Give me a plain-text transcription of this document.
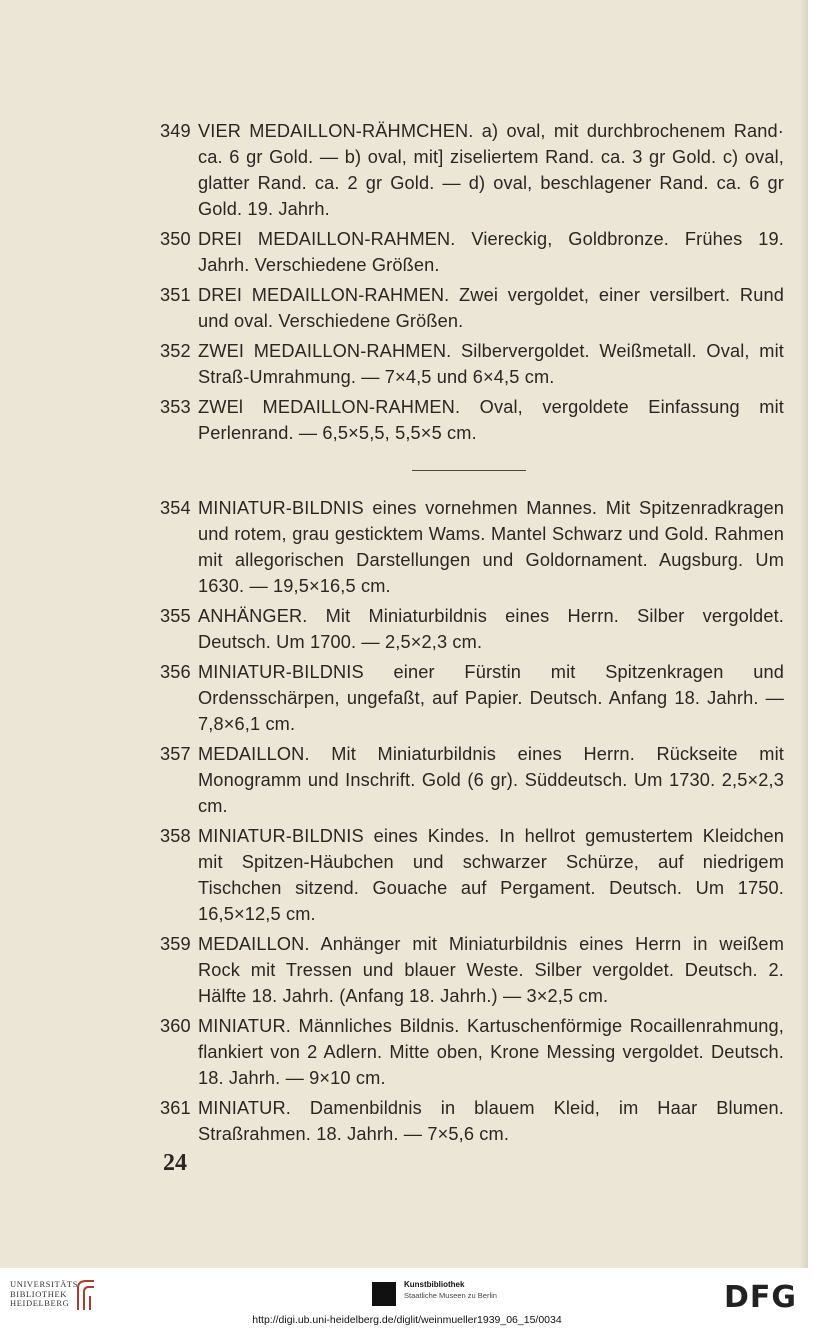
349 VIER MEDAILLON-RÄHMCHEN. a) oval, mit durchbrochenem Rand· ca. 6 gr Gold. — b) oval, mit] ziseliertem Rand. ca. 3 gr Gold. c) oval, glatter Rand. ca. 2 gr Gold. — d) oval, beschlagener Rand. ca. 6 gr Gold. 19. Jahrh.
350 DREI MEDAILLON-RAHMEN. Viereckig, Goldbronze. Frühes 19. Jahrh. Verschiedene Größen.
351 DREI MEDAILLON-RAHMEN. Zwei vergoldet, einer versilbert. Rund und oval. Verschiedene Größen.
352 ZWEI MEDAILLON-RAHMEN. Silbervergoldet. Weißmetall. Oval, mit Straß-Umrahmung. — 7×4,5 und 6×4,5 cm.
353 ZWEl MEDAILLON-RAHMEN. Oval, vergoldete Einfassung mit Perlenrand. — 6,5×5,5, 5,5×5 cm.
354 MINIATUR-BILDNIS eines vornehmen Mannes. Mit Spitzenradkragen und rotem, grau gesticktem Wams. Mantel Schwarz und Gold. Rahmen mit allegorischen Darstellungen und Goldornament. Augsburg. Um 1630. — 19,5×16,5 cm.
355 ANHÄNGER. Mit Miniaturbildnis eines Herrn. Silber vergoldet. Deutsch. Um 1700. — 2,5×2,3 cm.
356 MINIATUR-BILDNIS einer Fürstin mit Spitzenkragen und Ordensschärpen, ungefaßt, auf Papier. Deutsch. Anfang 18. Jahrh. — 7,8×6,1 cm.
357 MEDAILLON. Mit Miniaturbildnis eines Herrn. Rückseite mit Monogramm und Inschrift. Gold (6 gr). Süddeutsch. Um 1730. 2,5×2,3 cm.
358 MINIATUR-BILDNIS eines Kindes. In hellrot gemustertem Kleidchen mit Spitzen-Häubchen und schwarzer Schürze, auf niedrigem Tischchen sitzend. Gouache auf Pergament. Deutsch. Um 1750. 16,5×12,5 cm.
359 MEDAILLON. Anhänger mit Miniaturbildnis eines Herrn in weißem Rock mit Tressen und blauer Weste. Silber vergoldet. Deutsch. 2. Hälfte 18. Jahrh. (Anfang 18. Jahrh.) — 3×2,5 cm.
360 MINIATUR. Männliches Bildnis. Kartuschenförmige Rocaillenrahmung, flankiert von 2 Adlern. Mitte oben, Krone Messing vergoldet. Deutsch. 18. Jahrh. — 9×10 cm.
361 MINIATUR. Damenbildnis in blauem Kleid, im Haar Blumen. Straßrahmen. 18. Jahrh. — 7×5,6 cm.
24
UNIVERSITÄTS
BIBLIOTHEK
HEIDELBERG
Kunstbibliothek
Staatliche Museen zu Berlin	DFG
http://digi.ub.uni-heidelberg.de/diglit/weinmueller1939_06_15/0034
